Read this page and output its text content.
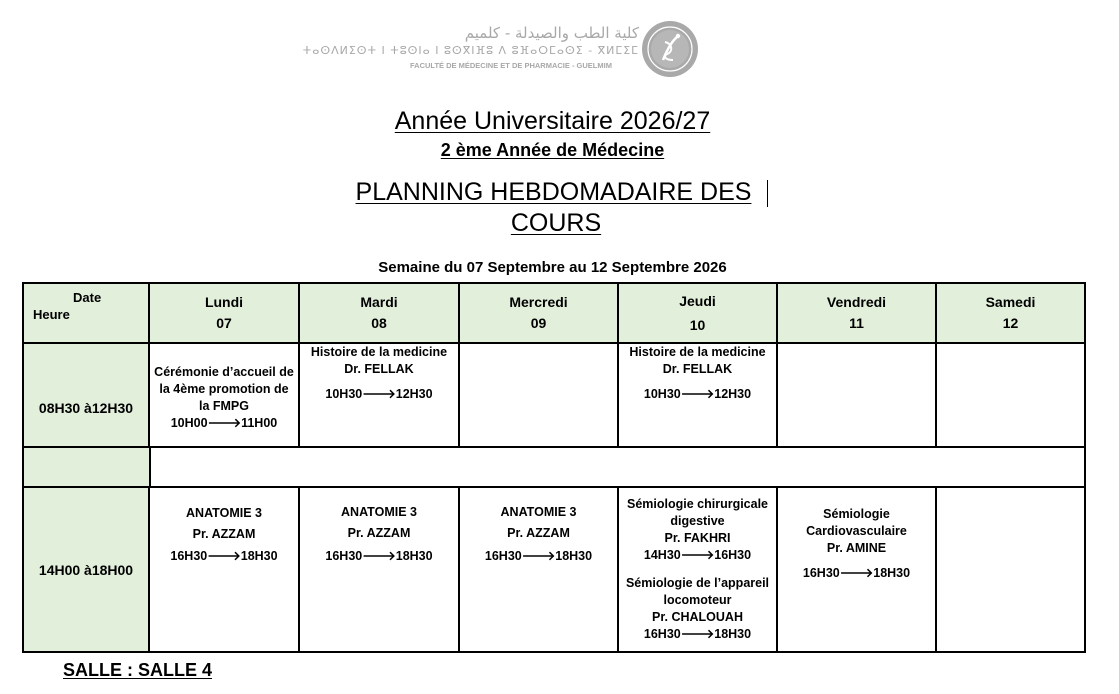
كلية الطب والصيدلة - كلميم
ⵜⴰⵙⴷⵍⵉⵙⵜ ⵏ ⵜⵓⵙⵏⴰ ⵏ ⵓⵙⴳⵏⴼⵓ ⴷ ⵓⴼⴰⵔⵎⴰⵙⵉ - ⴳⵍⵎⵉⵎ
FACULTÉ DE MÉDECINE ET DE PHARMACIE - GUELMIM
Année Universitaire 2026/27
2 ème Année de Médecine
PLANNING HEBDOMADAIRE DES
COURS
Semaine du 07 Septembre au 12 Septembre 2026
Date
Heure
Lundi
07
Mardi
08
Mercredi
09
Jeudi
10
Vendredi
11
Samedi
12
08H30 à12H30
Cérémonie d’accueil de
la 4ème promotion de
la FMPG
10H00🡒11H00
Histoire de la medicine
Dr. FELLAK
10H30🡒12H30
Histoire de la medicine
Dr. FELLAK
10H30🡒12H30
14H00 à18H00
ANATOMIE 3
Pr. AZZAM
16H30🡒18H30
ANATOMIE 3
Pr. AZZAM
16H30🡒18H30
ANATOMIE 3
Pr. AZZAM
16H30🡒18H30
Sémiologie chirurgicale
digestive
Pr. FAKHRI
14H30🡒16H30
Sémiologie de l’appareil
locomoteur
Pr. CHALOUAH
16H30🡒18H30
Sémiologie
Cardiovasculaire
Pr. AMINE
16H30🡒18H30
SALLE : SALLE 4
